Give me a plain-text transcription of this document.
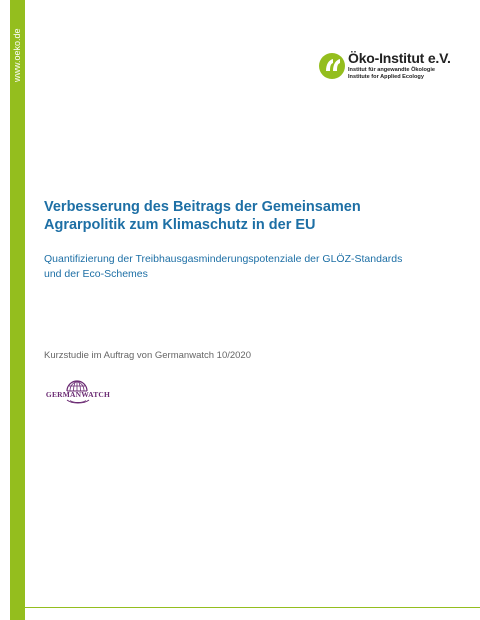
www.oeko.de	Öko-Institut e.V.
Institut für angewandte Ökologie
Institute for Applied Ecology
Verbesserung des Beitrags der Gemeinsamen
Agrarpolitik zum Klimaschutz in der EU

Quantifizierung der Treibhausgasminderungspotenziale der GLÖZ-Standards
und der Eco-Schemes

Kurzstudie im Auftrag von Germanwatch 10/2020

GERMANWATCH
